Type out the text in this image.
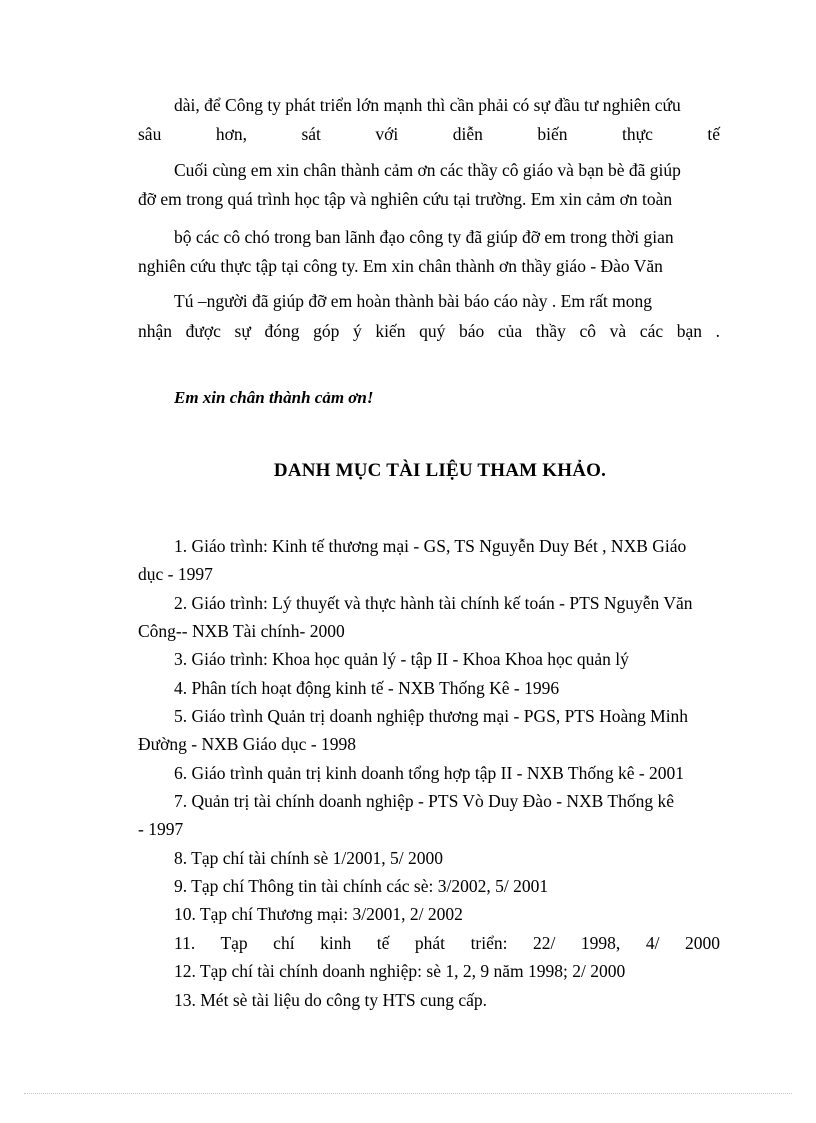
dài, để Công ty phát triển lớn mạnh thì cần phải có sự đầu tư nghiên cứu
sâu hơn, sát với diễn biến thực tế
Cuối cùng em xin chân thành cảm ơn các thầy cô giáo và bạn bè đã giúp
đỡ em trong quá trình học tập và nghiên cứu tại trường. Em xin cảm ơn toàn
bộ các cô chó trong ban lãnh đạo công ty đã giúp đỡ em trong thời gian
nghiên cứu thực tập tại công ty. Em xin chân thành ơn thầy giáo - Đào Văn
Tú –người đã giúp đỡ em hoàn thành bài báo cáo này . Em rất mong
nhận được sự đóng góp ý kiến quý báo của thầy cô và các bạn .
Em xin chân thành cảm ơn!
DANH MỤC TÀI LIỆU THAM KHẢO.
1. Giáo trình: Kinh tế thương mại - GS, TS Nguyễn Duy Bét , NXB Giáo
dục - 1997
2. Giáo trình: Lý thuyết và thực hành tài chính kế toán - PTS Nguyễn Văn
Công-- NXB Tài chính- 2000
3. Giáo trình: Khoa học quản lý - tập II - Khoa Khoa học quản lý
4. Phân tích hoạt động kinh tế - NXB Thống Kê - 1996
5. Giáo trình Quản trị doanh nghiệp thương mại - PGS, PTS Hoàng Minh
Đường - NXB Giáo dục - 1998
6. Giáo trình quản trị kinh doanh tổng hợp tập II - NXB Thống kê - 2001
7. Quản trị tài chính doanh nghiệp - PTS Vò Duy Đào - NXB Thống kê
- 1997
8. Tạp chí tài chính sè 1/2001, 5/ 2000
9. Tạp chí Thông tin tài chính các sè: 3/2002, 5/ 2001
10. Tạp chí Thương mại: 3/2001, 2/ 2002
11. Tạp chí kinh tế phát triển: 22/ 1998, 4/ 2000
12. Tạp chí tài chính doanh nghiệp: sè 1, 2, 9 năm 1998; 2/ 2000
13. Mét sè tài liệu do công ty HTS cung cấp.
